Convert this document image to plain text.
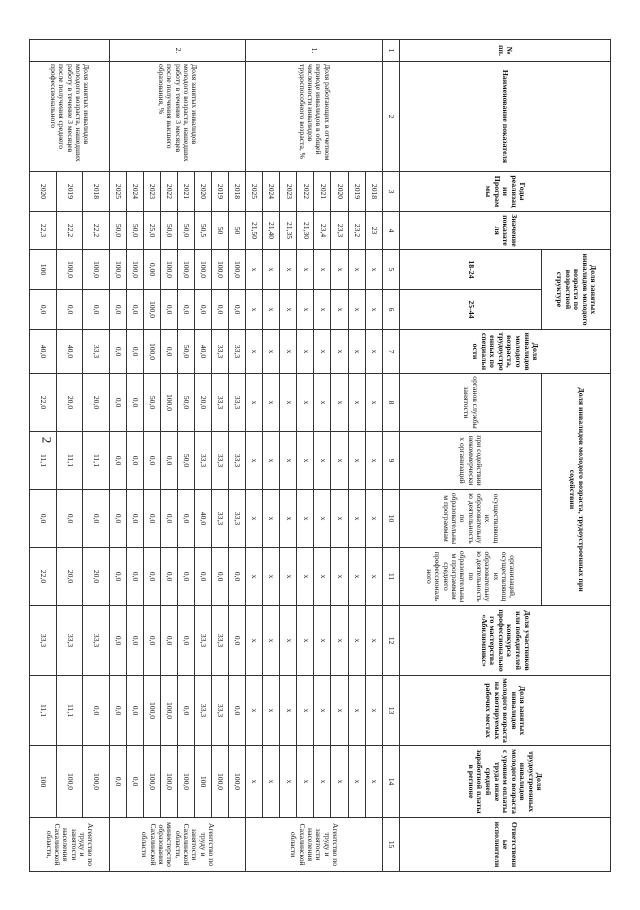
2
№ пп.	Наименование показателя	Годы реализации Программы	Значение показателя	Доля занятых инвалидов молодого возраста по возрастной структуре		Доля инвалидов молодого возраста, трудоустроенных по специальности	Доля инвалидов молодого возраста, трудоустроенных при содействии				Доля участников или победителей конкурса профессионального мастерства «Абилимпикс»	Доля занятых инвалидов молодого возраста на квотируемых рабочих местах	Доля трудоустроенных инвалидов молодого возраста с уровнем оплаты труда ниже средней заработной платы в регионе	Ответственные исполнители
				18-24	25-44		органов службы занятости	при содействии некоммерческих организаций	осуществляющих образовательную деятельность по образовательным программам	организаций, осуществляющих образовательную деятельность по образовательным программам среднего профессионального				
1	2	3	4	5	6	7	8	9	10	11	12	13	14	15
1.	Доля работающих в отчетном периоде инвалидов в общей численности инвалидов трудоспособного возраста, %	2018	23	х	х	х	х	х	х	х	х	х	х	Агентство по труду и занятости населения Сахалинской области
		2019	23,2	х	х	х	х	х	х	х	х	х	х	
		2020	23,3	х	х	х	х	х	х	х	х	х	х	
		2021	23,4	х	х	х	х	х	х	х	х	х	х	
		2022	21,30	х	х	х	х	х	х	х	х	х	х	
		2023	21,35	х	х	х	х	х	х	х	х	х	х	
		2024	21,40	х	х	х	х	х	х	х	х	х	х	
		2025	21,50	х	х	х	х	х	х	х	х	х	х	
2.	Доля занятых инвалидов молодого возраста, нашедших работу в течение 3 месяцев после получения высшего образования, %	2018	50	100,0	0,0	33,3	33,3	33,3	33,3	0,0	0,0	0,0	100,0	Агентство по труду и занятости Сахалинской области, министерство образования Сахалинской области
		2019	50	100,0	0,0	33,3	33,3	33,3	33,3	0,0	33,3	33,3	100,0	
		2020	50,5	100,0	0,0	40,0	20,0	33,3	40,0	0,0	33,3	33,3	100	
		2021	50,0	100,0	0,0	50,0	50,0	50,0	0,0	0,0	0,0	0,0	100,0	
		2022	50,0	100,0	0,0	0,0	100,0	0,0	0,0	0,0	0,0	100,0	100,0	
		2023	25,0	0,00	100,0	100,0	50,0	0,0	0,0	0,0	0,0	100,0	100,0	
		2024	50,0	100,0	0,0	0,0	0,0	0,0	0,0	0,0	0,0	0,0	0,0	
		2025	50,0	100,0	0,0	0,0	0,0	0,0	0,0	0,0	0,0	0,0	0,0	
	Доля занятых инвалидов молодого возраста, нашедших работу в течение 3 месяцев после получения среднего профессионального	2018	22,2	100,0	0,0	33,3	20,0	11,1	0,0	20,0	33,3	0,0	100,0	Агентство по труду и занятости населения Сахалинской области,
		2019	22,2	100,0	0,0	40,0	20,0	11,1	0,0	20,0	33,3	11,1	100,0	
		2020	22,3	100	0,0	40,0	22,0	11,1	0,0	22,0	33,3	11,1	100	
